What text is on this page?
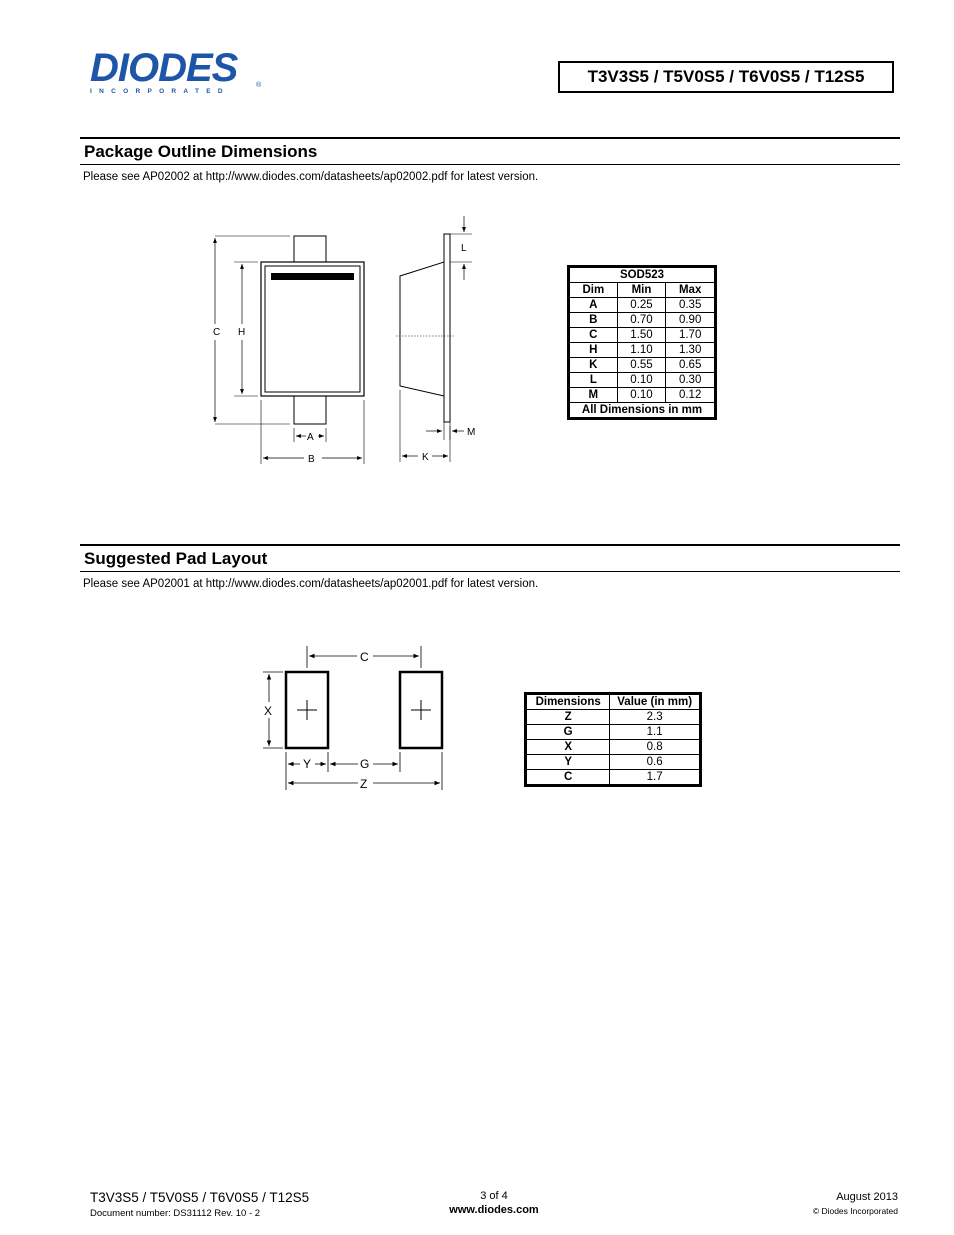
DIODES
INCORPORATED
®	T3V3S5 / T5V0S5 / T6V0S5 / T12S5
Package Outline Dimensions
Please see AP02002 at http://www.diodes.com/datasheets/ap02002.pdf for latest version.
C H
A
B
L
M
K
SOD523		
Dim	Min	Max
A	0.25	0.35
B	0.70	0.90
C	1.50	1.70
H	1.10	1.30
K	0.55	0.65
L	0.10	0.30
M	0.10	0.12
All Dimensions in mm		
Suggested Pad Layout
Please see AP02001 at http://www.diodes.com/datasheets/ap02001.pdf for latest version.
C
X
Y	G
Z
Dimensions	Value (in mm)
Z	2.3
G	1.1
X	0.8
Y	0.6
C	1.7
T3V3S5 / T5V0S5 / T6V0S5 / T12S5
Document number: DS31112 Rev. 10 - 2
3 of 4
www.diodes.com
August 2013
© Diodes Incorporated
